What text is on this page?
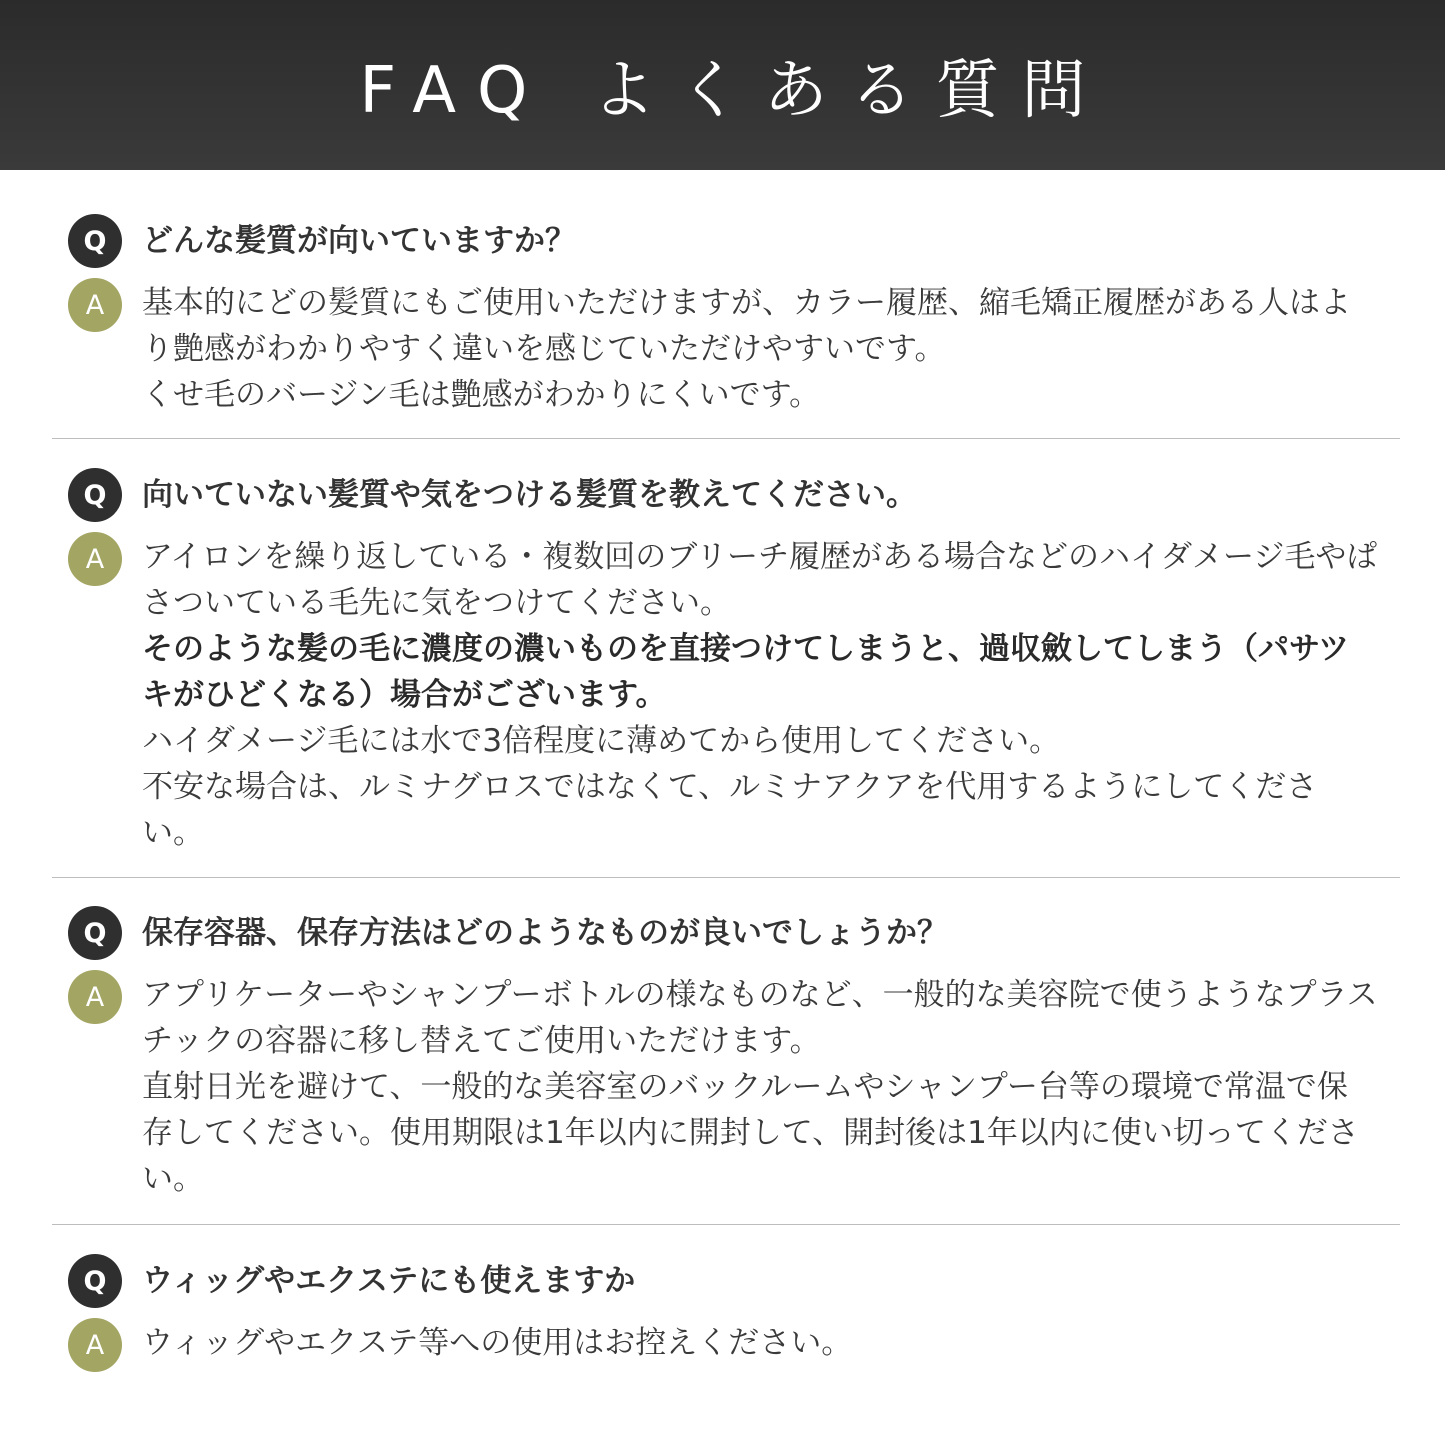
FAQ よくある質問
Q	どんな髪質が向いていますか？
A	基本的にどの髪質にもご使用いただけますが、カラー履歴、縮毛矯正履歴がある人はより艶感がわかりやすく違いを感じていただけやすいです。

くせ毛のバージン毛は艶感がわかりにくいです。

Q	向いていない髪質や気をつける髪質を教えてください。
A	アイロンを繰り返している・複数回のブリーチ履歴がある場合などのハイダメージ毛やぱさついている毛先に気をつけてください。

そのような髪の毛に濃度の濃いものを直接つけてしまうと、過収斂してしまう（パサツキがひどくなる）場合がございます。

ハイダメージ毛には水で3倍程度に薄めてから使用してください。

不安な場合は、ルミナグロスではなくて、ルミナアクアを代用するようにしてください。

Q	保存容器、保存方法はどのようなものが良いでしょうか？
A	アプリケーターやシャンプーボトルの様なものなど、一般的な美容院で使うようなプラスチックの容器に移し替えてご使用いただけます。

直射日光を避けて、一般的な美容室のバックルームやシャンプー台等の環境で常温で保存してください。使用期限は1年以内に開封して、開封後は1年以内に使い切ってください。

Q	ウィッグやエクステにも使えますか
A	ウィッグやエクステ等への使用はお控えください。
